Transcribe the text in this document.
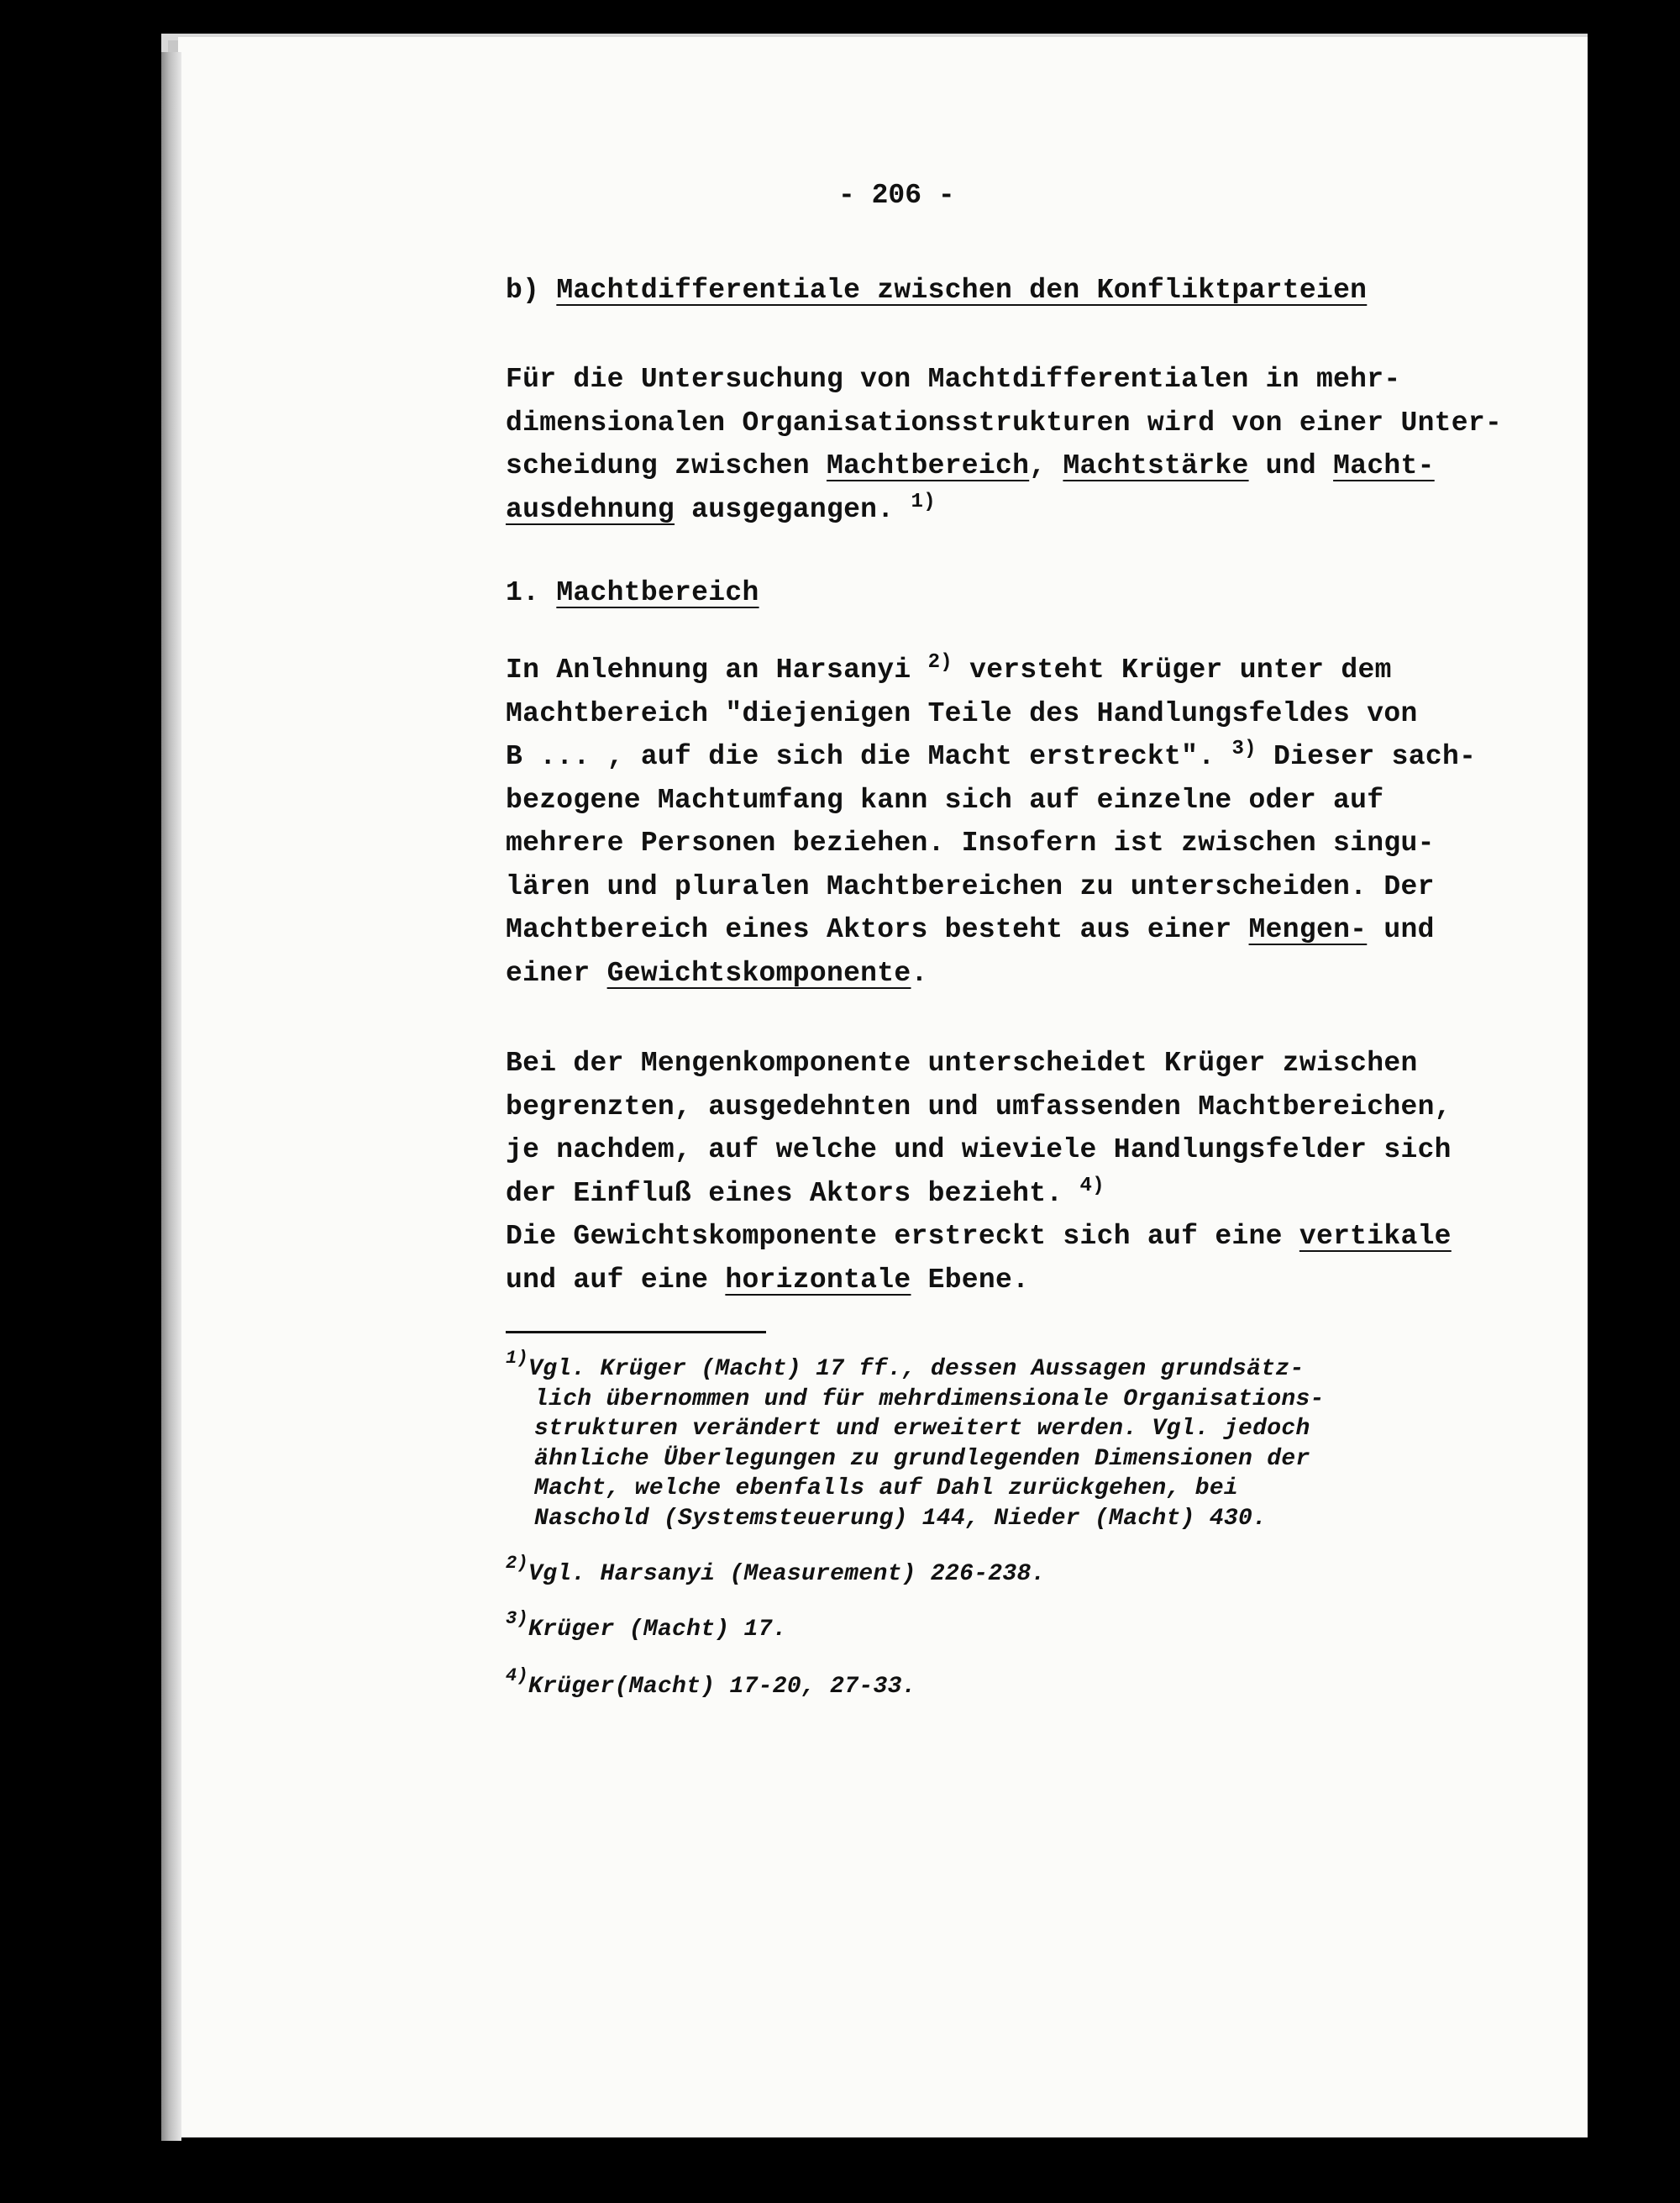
- 206 -
b) Machtdifferentiale zwischen den Konfliktparteien
Für die Untersuchung von Machtdifferentialen in mehr-
dimensionalen Organisationsstrukturen wird von einer Unter-
scheidung zwischen Machtbereich, Machtstärke und Macht-
ausdehnung ausgegangen. $^{1)}$
1. Machtbereich
In Anlehnung an Harsanyi $^{2)}$ versteht Krüger unter dem
Machtbereich "diejenigen Teile des Handlungsfeldes von
B ... , auf die sich die Macht erstreckt". $^{3)}$ Dieser sach-
bezogene Machtumfang kann sich auf einzelne oder auf
mehrere Personen beziehen. Insofern ist zwischen singu-
lären und pluralen Machtbereichen zu unterscheiden. Der
Machtbereich eines Aktors besteht aus einer Mengen- und
einer Gewichtskomponente.
Bei der Mengenkomponente unterscheidet Krüger zwischen
begrenzten, ausgedehnten und umfassenden Machtbereichen,
je nachdem, auf welche und wieviele Handlungsfelder sich
der Einfluß eines Aktors bezieht. $^{4)}$
Die Gewichtskomponente erstreckt sich auf eine vertikale
und auf eine horizontale Ebene.
$^{1)}$Vgl. Krüger (Macht) 17 ff., dessen Aussagen grundsätz-
lich übernommen und für mehrdimensionale Organisations-
strukturen verändert und erweitert werden. Vgl. jedoch
ähnliche Überlegungen zu grundlegenden Dimensionen der
Macht, welche ebenfalls auf Dahl zurückgehen, bei
Naschold (Systemsteuerung) 144, Nieder (Macht) 430.
$^{2)}$Vgl. Harsanyi (Measurement) 226-238.
$^{3)}$Krüger (Macht) 17.
$^{4)}$Krüger(Macht) 17-20, 27-33.
